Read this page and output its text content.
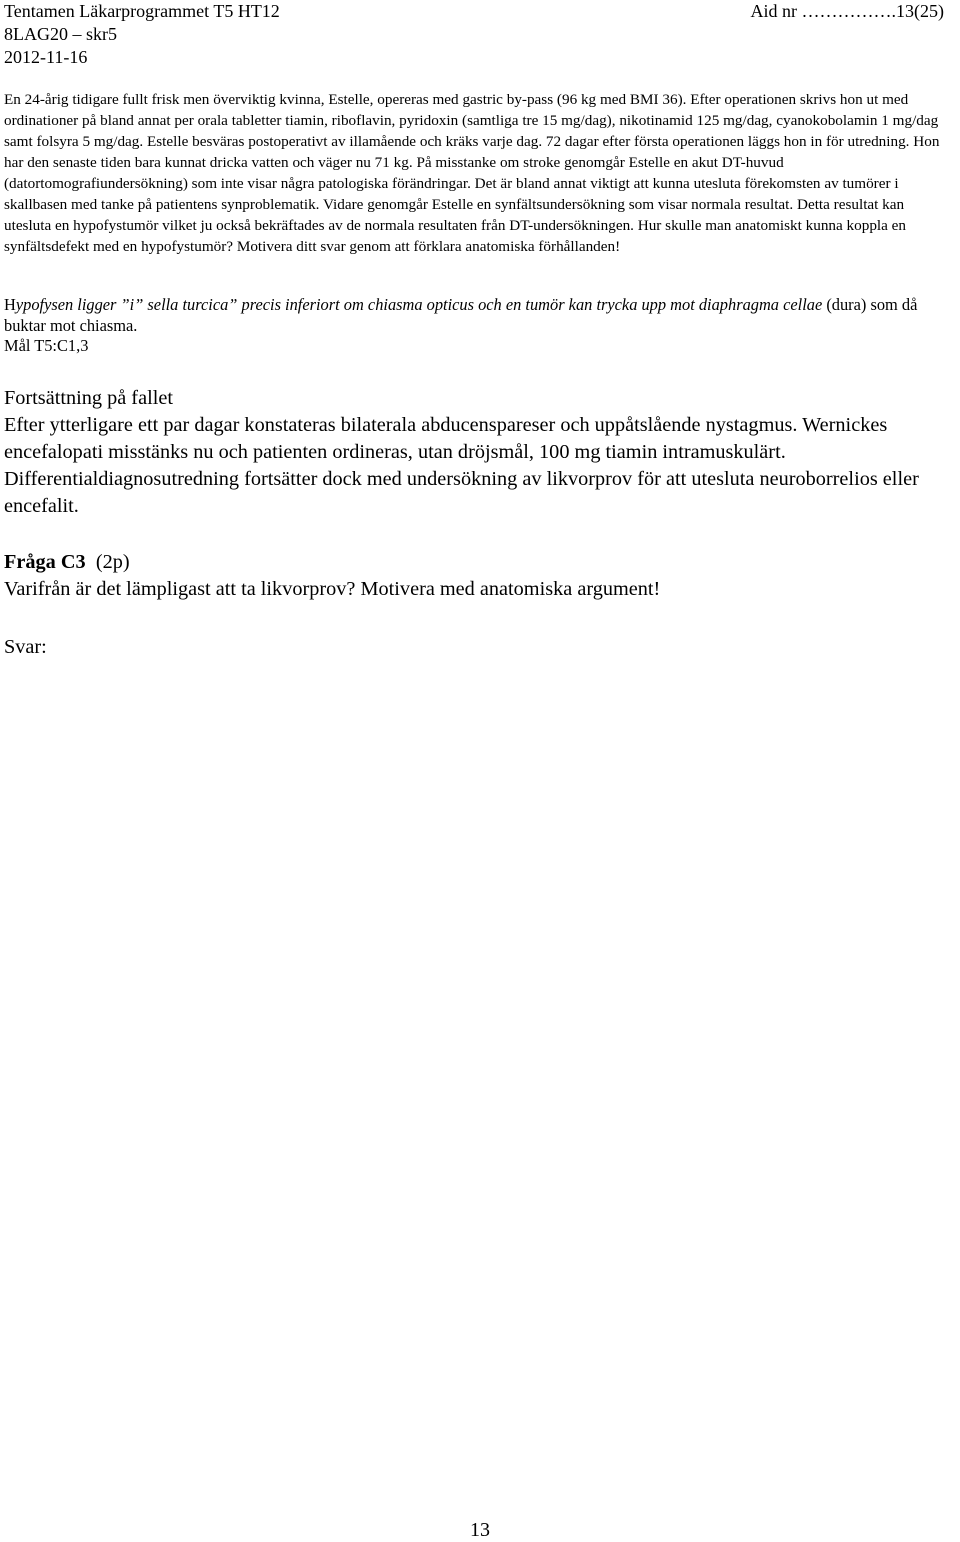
Tentamen Läkarprogrammet T5 HT12	Aid nr …………….13(25)
8LAG20 – skr5
2012-11-16

En 24-årig tidigare fullt frisk men överviktig kvinna, Estelle, opereras med gastric by-pass (96 kg med BMI 36). Efter operationen skrivs hon ut med ordinationer på bland annat per orala tabletter tiamin, riboflavin, pyridoxin (samtliga tre 15 mg/dag), nikotinamid 125 mg/dag, cyanokobolamin 1 mg/dag samt folsyra 5 mg/dag. Estelle besväras postoperativt av illamående och kräks varje dag. 72 dagar efter första operationen läggs hon in för utredning. Hon har den senaste tiden bara kunnat dricka vatten och väger nu 71 kg. På misstanke om stroke genomgår Estelle en akut DT-huvud (datortomografiundersökning) som inte visar några patologiska förändringar. Det är bland annat viktigt att kunna utesluta förekomsten av tumörer i skallbasen med tanke på patientens synproblematik. Vidare genomgår Estelle en synfältsundersökning som visar normala resultat. Detta resultat kan utesluta en hypofystumör vilket ju också bekräftades av de normala resultaten från DT-undersökningen. Hur skulle man anatomiskt kunna koppla en synfältsdefekt med en hypofystumör? Motivera ditt svar genom att förklara anatomiska förhållanden!

Hypofysen ligger ”i” sella turcica” precis inferiort om chiasma opticus och en tumör kan trycka upp mot diaphragma cellae (dura) som då buktar mot chiasma.

Mål T5:C1,3

Fortsättning på fallet

Efter ytterligare ett par dagar konstateras bilaterala abducenspareser och uppåtslående nystagmus. Wernickes encefalopati misstänks nu och patienten ordineras, utan dröjsmål, 100 mg tiamin intramuskulärt. Differentialdiagnosutredning fortsätter dock med undersökning av likvorprov för att utesluta neuroborrelios eller encefalit.

Fråga C3 (2p)

Varifrån är det lämpligast att ta likvorprov? Motivera med anatomiska argument!

Svar:

13
